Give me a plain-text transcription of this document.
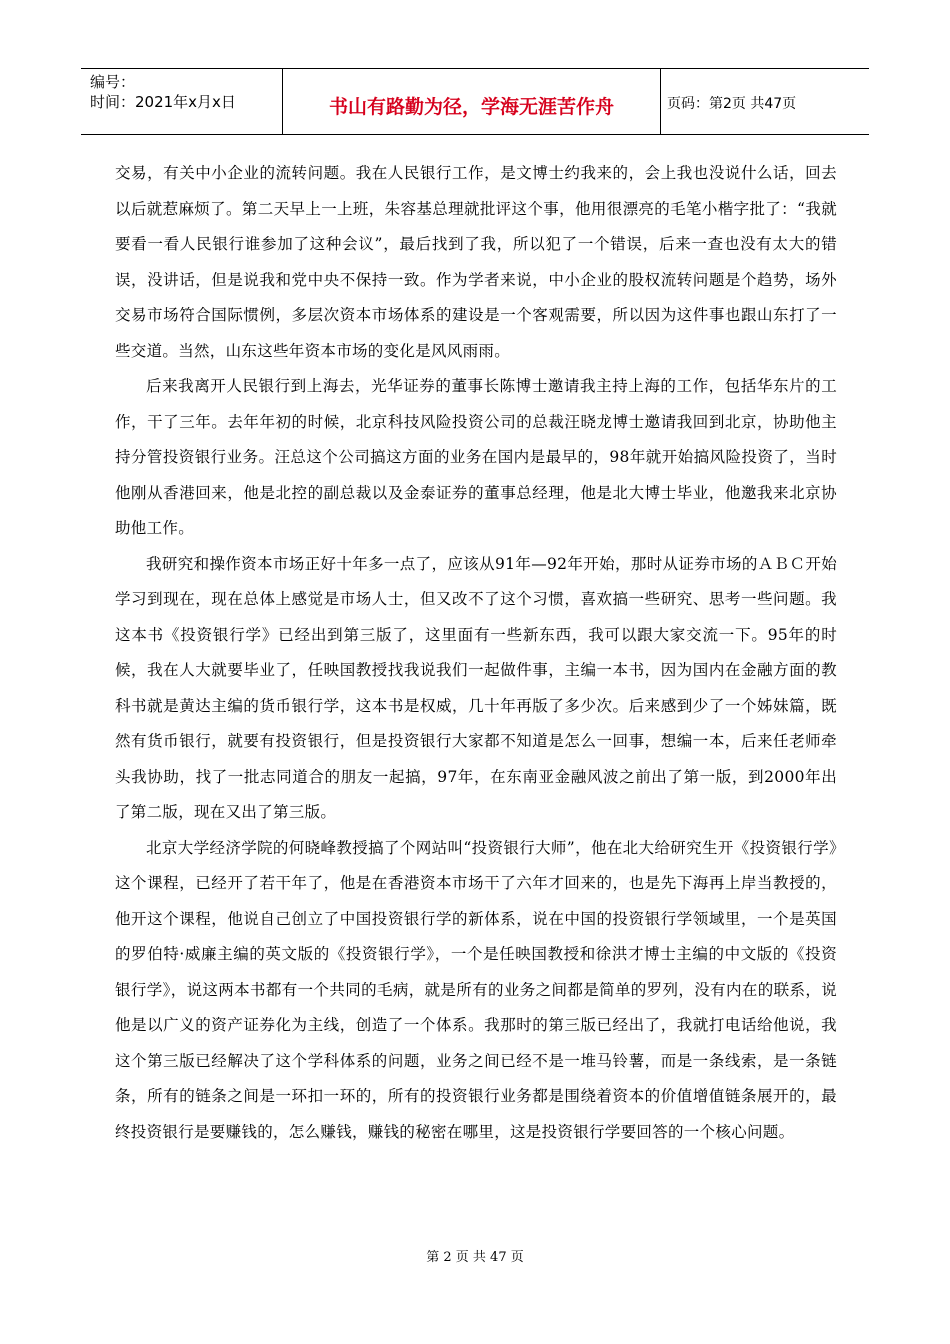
编号：
时间：2021年x月x日	书山有路勤为径，学海无涯苦作舟	页码：第2页 共47页

交易，有关中小企业的流转问题。我在人民银行工作，是文博士约我来的，会上我也没说什么话，回去以后就惹麻烦了。第二天早上一上班，朱容基总理就批评这个事，他用很漂亮的毛笔小楷字批了：“我就要看一看人民银行谁参加了这种会议”，最后找到了我，所以犯了一个错误，后来一查也没有太大的错误，没讲话，但是说我和党中央不保持一致。作为学者来说，中小企业的股权流转问题是个趋势，场外交易市场符合国际惯例，多层次资本市场体系的建设是一个客观需要，所以因为这件事也跟山东打了一些交道。当然，山东这些年资本市场的变化是风风雨雨。

后来我离开人民银行到上海去，光华证券的董事长陈博士邀请我主持上海的工作，包括华东片的工作，干了三年。去年年初的时候，北京科技风险投资公司的总裁汪晓龙博士邀请我回到北京，协助他主持分管投资银行业务。汪总这个公司搞这方面的业务在国内是最早的，98年就开始搞风险投资了，当时他刚从香港回来，他是北控的副总裁以及金泰证券的董事总经理，他是北大博士毕业，他邀我来北京协助他工作。

我研究和操作资本市场正好十年多一点了，应该从91年—92年开始，那时从证券市场的ＡＢＣ开始学习到现在，现在总体上感觉是市场人士，但又改不了这个习惯，喜欢搞一些研究、思考一些问题。我这本书《投资银行学》已经出到第三版了，这里面有一些新东西，我可以跟大家交流一下。95年的时候，我在人大就要毕业了，任映国教授找我说我们一起做件事，主编一本书，因为国内在金融方面的教科书就是黄达主编的货币银行学，这本书是权威，几十年再版了多少次。后来感到少了一个姊妹篇，既然有货币银行，就要有投资银行，但是投资银行大家都不知道是怎么一回事，想编一本，后来任老师牵头我协助，找了一批志同道合的朋友一起搞，97年，在东南亚金融风波之前出了第一版，到2000年出了第二版，现在又出了第三版。

北京大学经济学院的何晓峰教授搞了个网站叫“投资银行大师”，他在北大给研究生开《投资银行学》这个课程，已经开了若干年了，他是在香港资本市场干了六年才回来的，也是先下海再上岸当教授的，他开这个课程，他说自己创立了中国投资银行学的新体系，说在中国的投资银行学领域里，一个是英国的罗伯特·威廉主编的英文版的《投资银行学》，一个是任映国教授和徐洪才博士主编的中文版的《投资银行学》，说这两本书都有一个共同的毛病，就是所有的业务之间都是简单的罗列，没有内在的联系，说他是以广义的资产证券化为主线，创造了一个体系。我那时的第三版已经出了，我就打电话给他说，我这个第三版已经解决了这个学科体系的问题，业务之间已经不是一堆马铃薯，而是一条线索，是一条链条，所有的链条之间是一环扣一环的，所有的投资银行业务都是围绕着资本的价值增值链条展开的，最终投资银行是要赚钱的，怎么赚钱，赚钱的秘密在哪里，这是投资银行学要回答的一个核心问题。

第 2 页 共 47 页
